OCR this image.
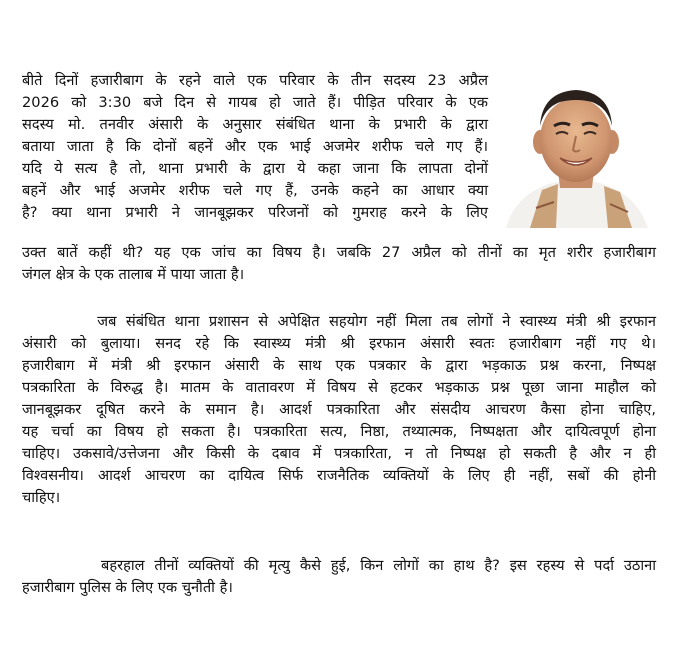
बीते दिनों हजारीबाग के रहने वाले एक परिवार के तीन सदस्य 23 अप्रैल
2026 को 3:30 बजे दिन से गायब हो जाते हैं। पीड़ित परिवार के एक
सदस्य मो. तनवीर अंसारी के अनुसार संबंधित थाना के प्रभारी के द्वारा
बताया जाता है कि दोनों बहनें और एक भाई अजमेर शरीफ चले गए हैं।
यदि ये सत्य है तो, थाना प्रभारी के द्वारा ये कहा जाना कि लापता दोनों
बहनें और भाई अजमेर शरीफ चले गए हैं, उनके कहने का आधार क्या
है? क्या थाना प्रभारी ने जानबूझकर परिजनों को गुमराह करने के लिए
उक्त बातें कहीं थी? यह एक जांच का विषय है। जबकि 27 अप्रैल को तीनों का मृत शरीर हजारीबाग
जंगल क्षेत्र के एक तालाब में पाया जाता है।
जब संबंधित थाना प्रशासन से अपेक्षित सहयोग नहीं मिला तब लोगों ने स्वास्थ्य मंत्री श्री इरफान
अंसारी को बुलाया। सनद रहे कि स्वास्थ्य मंत्री श्री इरफान अंसारी स्वतः हजारीबाग नहीं गए थे।
हजारीबाग में मंत्री श्री इरफान अंसारी के साथ एक पत्रकार के द्वारा भड़काऊ प्रश्न करना, निष्पक्ष
पत्रकारिता के विरुद्ध है। मातम के वातावरण में विषय से हटकर भड़काऊ प्रश्न पूछा जाना माहौल को
जानबूझकर दूषित करने के समान है। आदर्श पत्रकारिता और संसदीय आचरण कैसा होना चाहिए,
यह चर्चा का विषय हो सकता है। पत्रकारिता सत्य, निष्ठा, तथ्यात्मक, निष्पक्षता और दायित्वपूर्ण होना
चाहिए। उकसावे/उत्तेजना और किसी के दबाव में पत्रकारिता, न तो निष्पक्ष हो सकती है और न ही
विश्वसनीय। आदर्श आचरण का दायित्व सिर्फ राजनैतिक व्यक्तियों के लिए ही नहीं, सबों की होनी
चाहिए।
बहरहाल तीनों व्यक्तियों की मृत्यु कैसे हुई, किन लोगों का हाथ है? इस रहस्य से पर्दा उठाना
हजारीबाग पुलिस के लिए एक चुनौती है।
